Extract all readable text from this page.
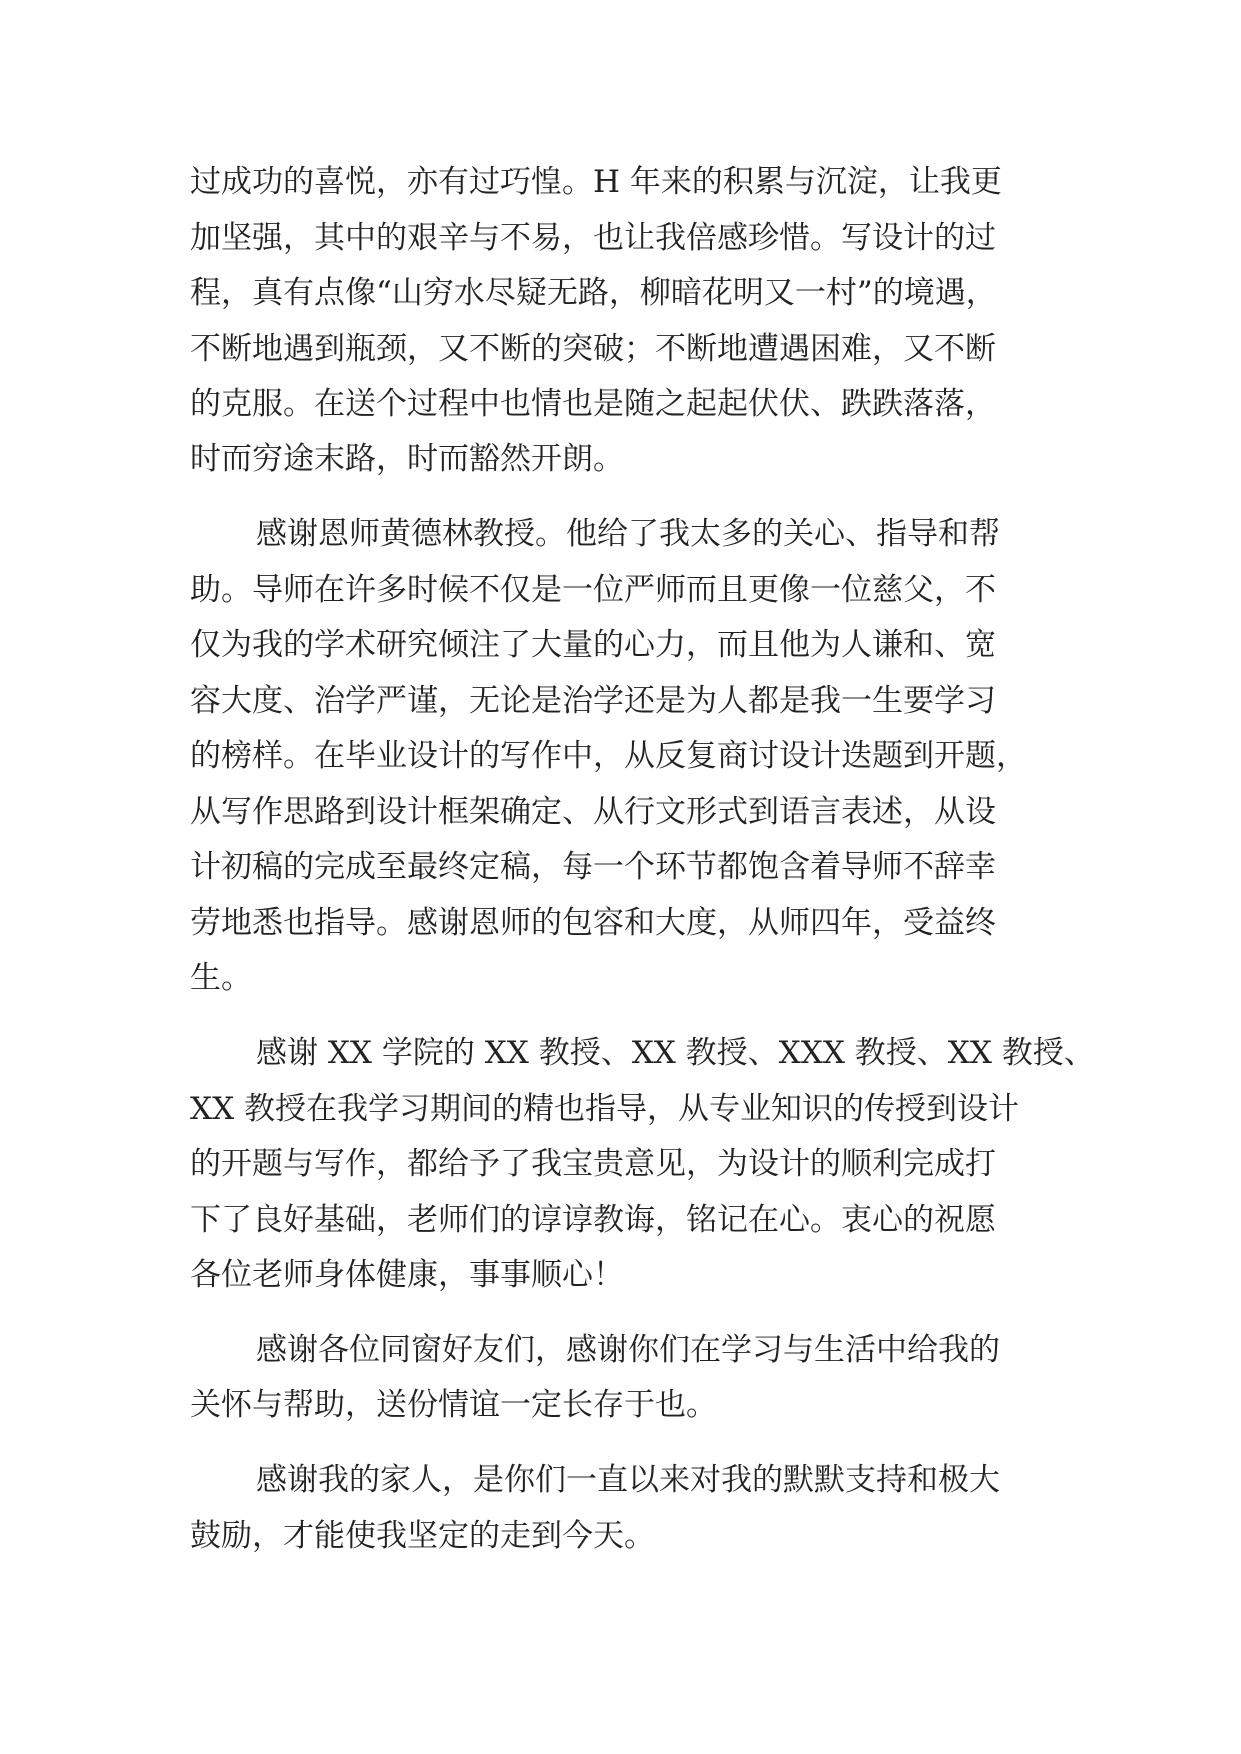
过成功的喜悦，亦有过巧惶。H 年来的积累与沉淀，让我更
加坚强，其中的艰辛与不易，也让我倍感珍惜。写设计的过
程，真有点像“山穷水尽疑无路，柳暗花明又一村”的境遇，
不断地遇到瓶颈，又不断的突破；不断地遭遇困难，又不断
的克服。在送个过程中也情也是随之起起伏伏、跌跌落落，
时而穷途末路，时而豁然开朗。
感谢恩师黄德林教授。他给了我太多的关心、指导和帮
助。导师在许多时候不仅是一位严师而且更像一位慈父，不
仅为我的学术研究倾注了大量的心力，而且他为人谦和、宽
容大度、治学严谨，无论是治学还是为人都是我一生要学习
的榜样。在毕业设计的写作中，从反复商讨设计迭题到开题，
从写作思路到设计框架确定、从行文形式到语言表述，从设
计初稿的完成至最终定稿，每一个环节都饱含着导师不辞幸
劳地悉也指导。感谢恩师的包容和大度，从师四年，受益终
生。
感谢 XX 学院的 XX 教授、XX 教授、XXX 教授、XX 教授、
XX 教授在我学习期间的精也指导，从专业知识的传授到设计
的开题与写作，都给予了我宝贵意见，为设计的顺利完成打
下了良好基础，老师们的谆谆教诲，铭记在心。衷心的祝愿
各位老师身体健康，事事顺心！
感谢各位同窗好友们，感谢你们在学习与生活中给我的
关怀与帮助，送份情谊一定长存于也。
感谢我的家人，是你们一直以来对我的默默支持和极大
鼓励，才能使我坚定的走到今天。
